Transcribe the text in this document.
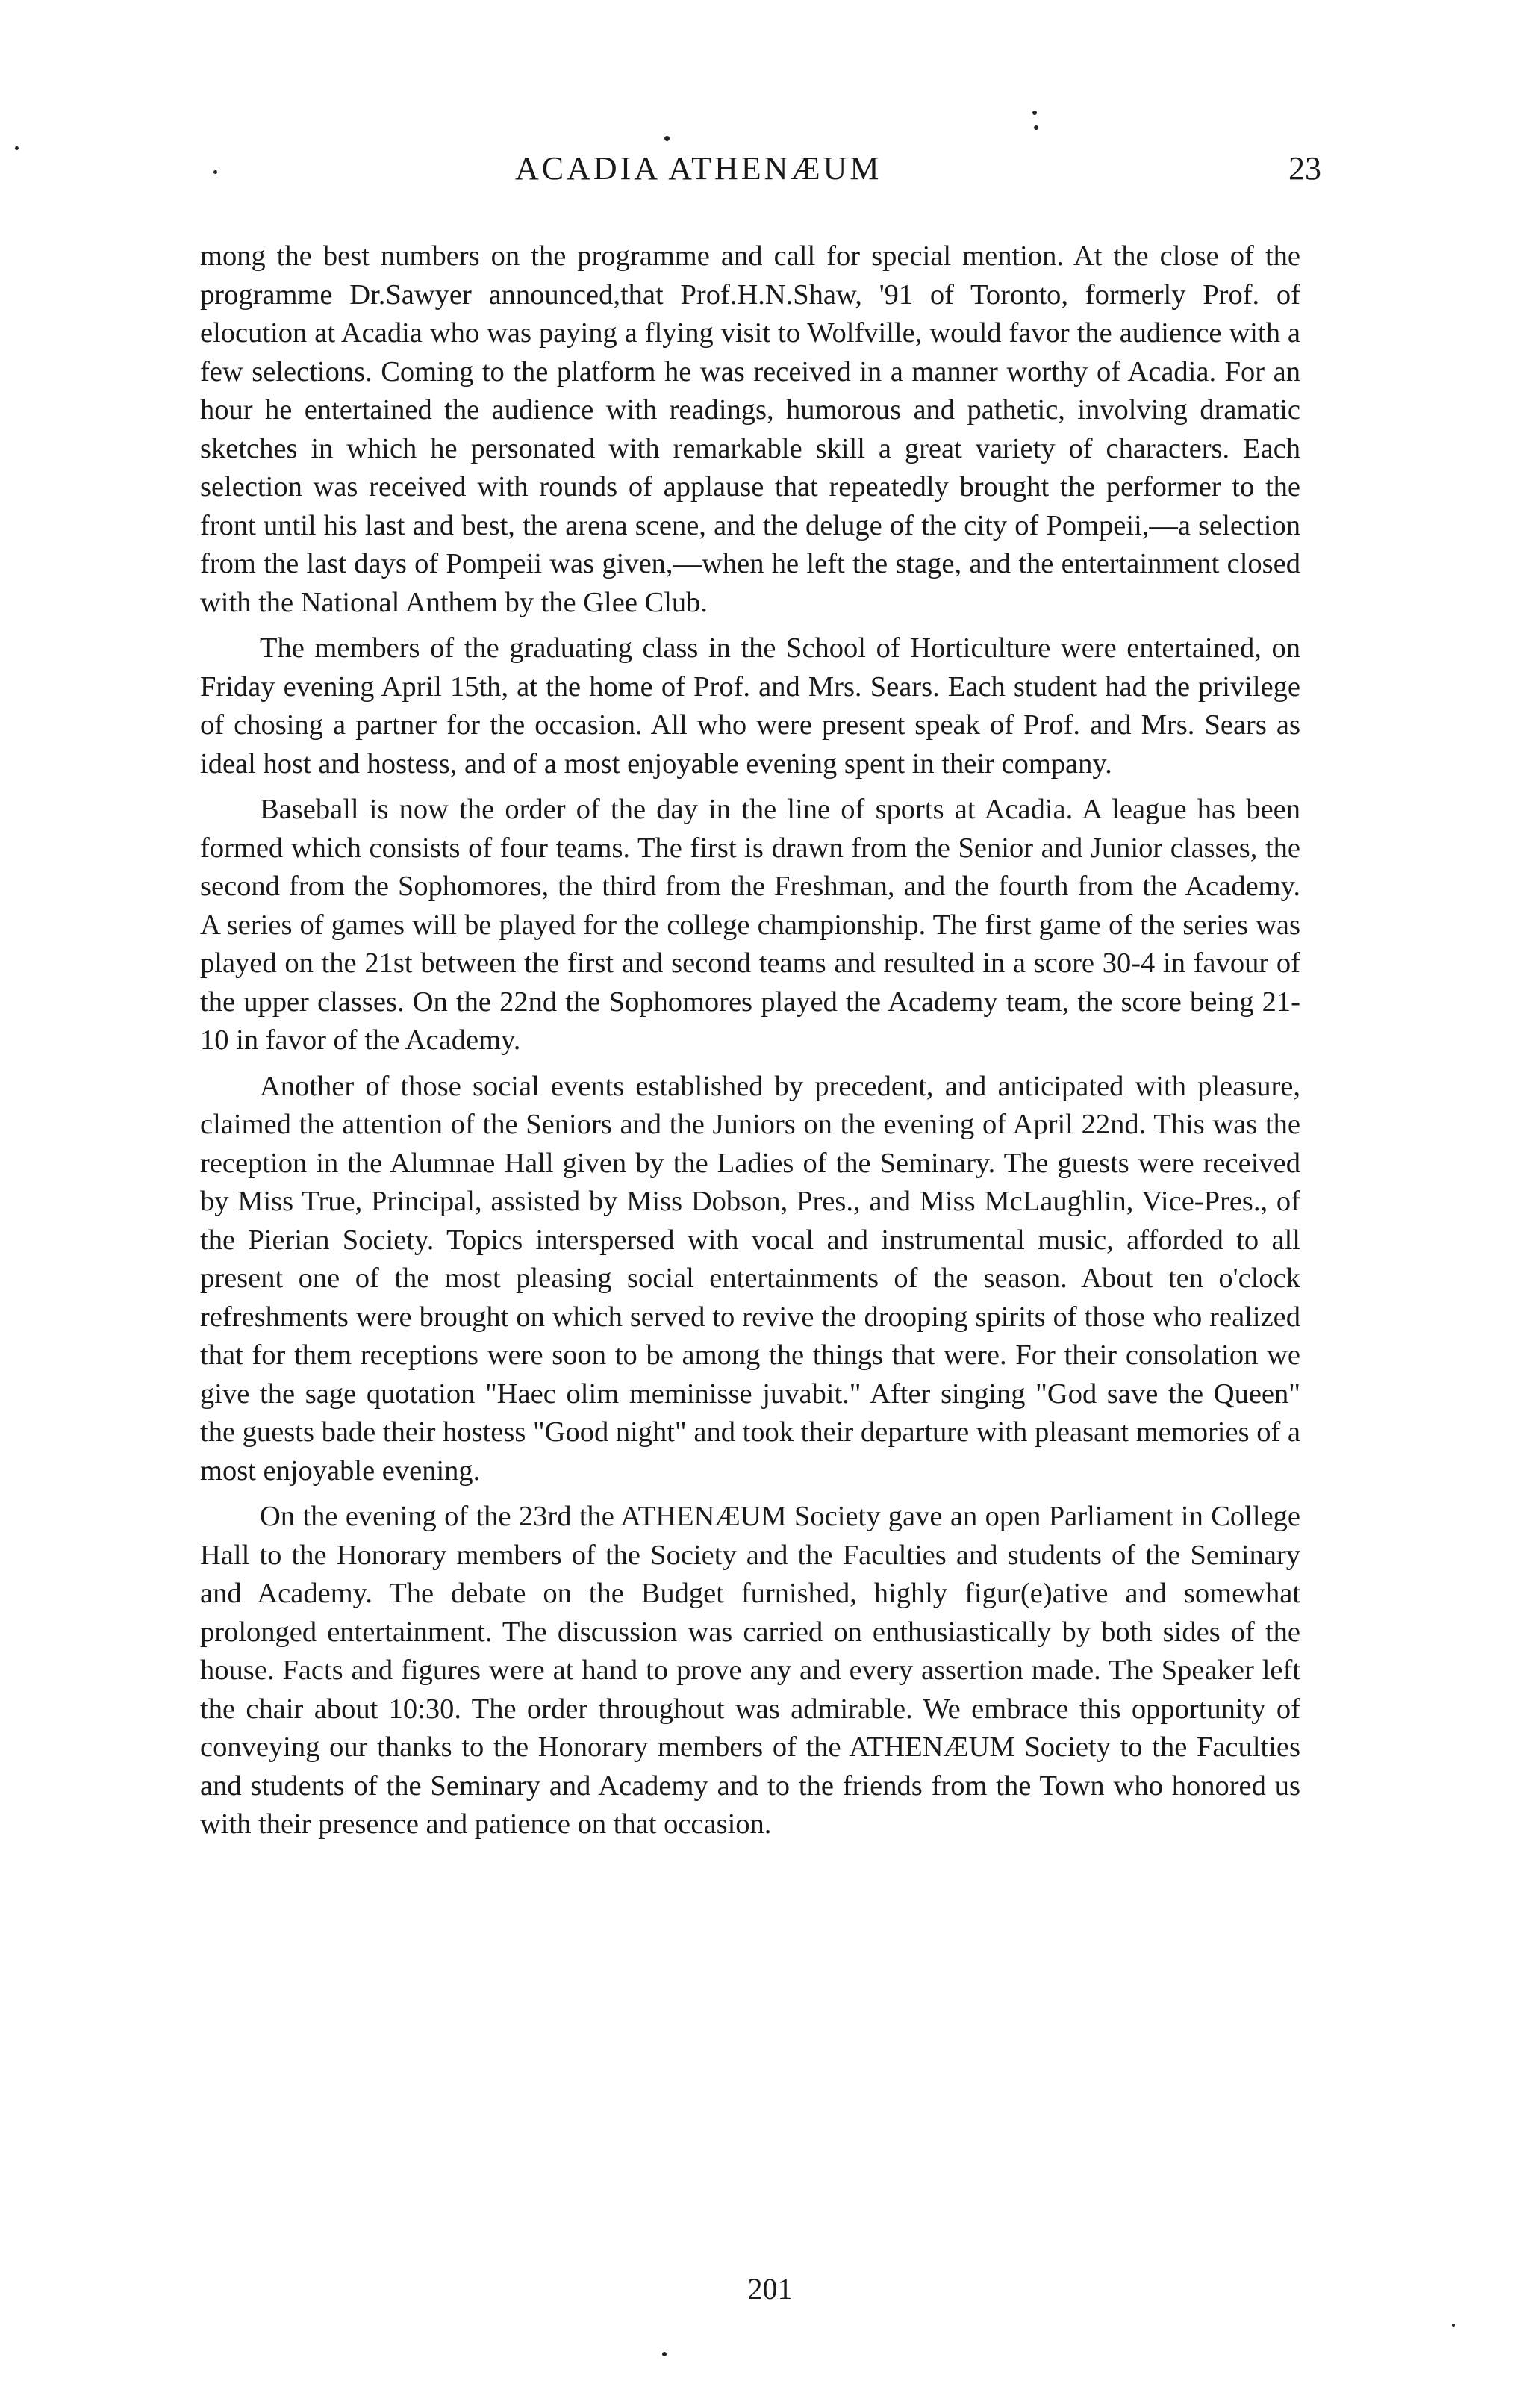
ACADIA ATHENÆUM	23

mong the best numbers on the programme and call for special mention. At the close of the programme Dr.Sawyer announced,that Prof.H.N.Shaw, '91 of Toronto, formerly Prof. of elocution at Acadia who was paying a flying visit to Wolfville, would favor the audience with a few selections. Coming to the platform he was received in a manner worthy of Acadia. For an hour he entertained the audience with readings, humorous and pathetic, involving dramatic sketches in which he personated with remarkable skill a great variety of characters. Each selection was received with rounds of applause that repeatedly brought the performer to the front until his last and best, the arena scene, and the deluge of the city of Pompeii,—a selection from the last days of Pompeii was given,—when he left the stage, and the entertainment closed with the National Anthem by the Glee Club.

The members of the graduating class in the School of Horticulture were entertained, on Friday evening April 15th, at the home of Prof. and Mrs. Sears. Each student had the privilege of chosing a partner for the occasion. All who were present speak of Prof. and Mrs. Sears as ideal host and hostess, and of a most enjoyable evening spent in their company.

Baseball is now the order of the day in the line of sports at Acadia. A league has been formed which consists of four teams. The first is drawn from the Senior and Junior classes, the second from the Sophomores, the third from the Freshman, and the fourth from the Academy. A series of games will be played for the college championship. The first game of the series was played on the 21st between the first and second teams and resulted in a score 30-4 in favour of the upper classes. On the 22nd the Sophomores played the Academy team, the score being 21-10 in favor of the Academy.

Another of those social events established by precedent, and anticipated with pleasure, claimed the attention of the Seniors and the Juniors on the evening of April 22nd. This was the reception in the Alumnae Hall given by the Ladies of the Seminary. The guests were received by Miss True, Principal, assisted by Miss Dobson, Pres., and Miss McLaughlin, Vice-Pres., of the Pierian Society. Topics interspersed with vocal and instrumental music, afforded to all present one of the most pleasing social entertainments of the season. About ten o'clock refreshments were brought on which served to revive the drooping spirits of those who realized that for them receptions were soon to be among the things that were. For their consolation we give the sage quotation "Haec olim meminisse juvabit." After singing "God save the Queen" the guests bade their hostess "Good night" and took their departure with pleasant memories of a most enjoyable evening.

On the evening of the 23rd the ATHENÆUM Society gave an open Parliament in College Hall to the Honorary members of the Society and the Faculties and students of the Seminary and Academy. The debate on the Budget furnished, highly figur(e)ative and somewhat prolonged entertainment. The discussion was carried on enthusiastically by both sides of the house. Facts and figures were at hand to prove any and every assertion made. The Speaker left the chair about 10:30. The order throughout was admirable. We embrace this opportunity of conveying our thanks to the Honorary members of the ATHENÆUM Society to the Faculties and students of the Seminary and Academy and to the friends from the Town who honored us with their presence and patience on that occasion.

201
